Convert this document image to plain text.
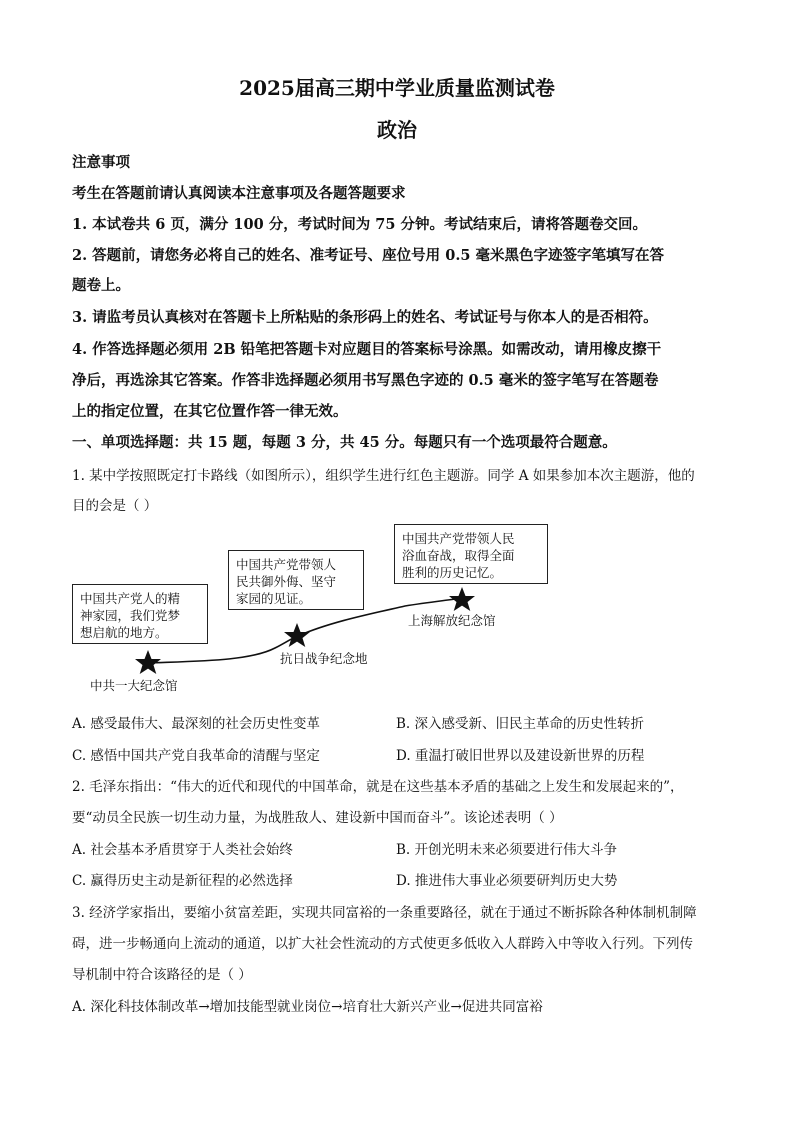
2025届高三期中学业质量监测试卷
政治
注意事项
考生在答题前请认真阅读本注意事项及各题答题要求
1. 本试卷共 6 页，满分 100 分，考试时间为 75 分钟。考试结束后，请将答题卷交回。
2. 答题前，请您务必将自己的姓名、准考证号、座位号用 0.5 毫米黑色字迹签字笔填写在答
题卷上。
3. 请监考员认真核对在答题卡上所粘贴的条形码上的姓名、考试证号与你本人的是否相符。
4. 作答选择题必须用 2B 铅笔把答题卡对应题目的答案标号涂黑。如需改动，请用橡皮擦干
净后，再选涂其它答案。作答非选择题必须用书写黑色字迹的 0.5 毫米的签字笔写在答题卷
上的指定位置，在其它位置作答一律无效。
一、单项选择题：共 15 题，每题 3 分，共 45 分。每题只有一个选项最符合题意。
1. 某中学按照既定打卡路线（如图所示），组织学生进行红色主题游。同学 A 如果参加本次主题游，他的
目的会是（ ）
中国共产党人的精
神家园，我们党梦
想启航的地方。
中国共产党带领人
民共御外侮、坚守
家园的见证。
中国共产党带领人民
浴血奋战，取得全面
胜利的历史记忆。
中共一大纪念馆
抗日战争纪念地
上海解放纪念馆
A. 感受最伟大、最深刻的社会历史性变革	B. 深入感受新、旧民主革命的历史性转折
C. 感悟中国共产党自我革命的清醒与坚定	D. 重温打破旧世界以及建设新世界的历程
2. 毛泽东指出：“伟大的近代和现代的中国革命，就是在这些基本矛盾的基础之上发生和发展起来的”，
要“动员全民族一切生动力量，为战胜敌人、建设新中国而奋斗”。该论述表明（ ）
A. 社会基本矛盾贯穿于人类社会始终	B. 开创光明未来必须要进行伟大斗争
C. 赢得历史主动是新征程的必然选择	D. 推进伟大事业必须要研判历史大势
3. 经济学家指出，要缩小贫富差距，实现共同富裕的一条重要路径，就在于通过不断拆除各种体制机制障
碍，进一步畅通向上流动的通道，以扩大社会性流动的方式使更多低收入人群跨入中等收入行列。下列传
导机制中符合该路径的是（ ）
A. 深化科技体制改革→增加技能型就业岗位→培育壮大新兴产业→促进共同富裕
